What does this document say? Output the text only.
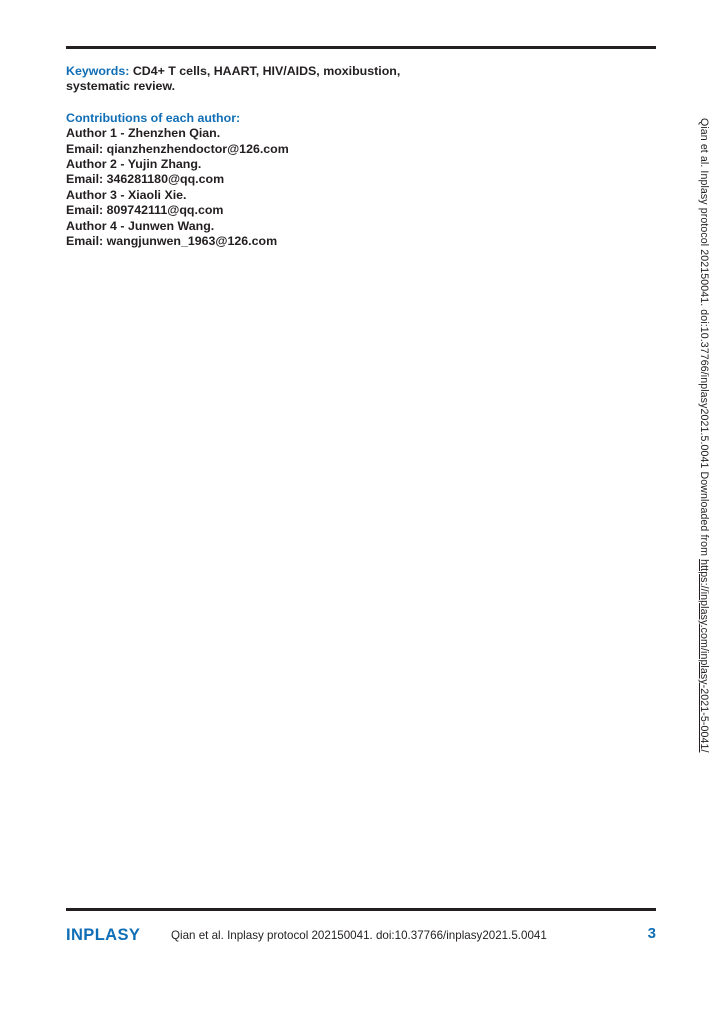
Keywords: CD4+ T cells, HAART, HIV/AIDS, moxibustion, systematic review.
Contributions of each author:
Author 1 - Zhenzhen Qian.
Email: qianzhenzhendoctor@126.com
Author 2 - Yujin Zhang.
Email: 346281180@qq.com
Author 3 - Xiaoli Xie.
Email: 809742111@qq.com
Author 4 - Junwen Wang.
Email: wangjunwen_1963@126.com	Qian et al. Inplasy protocol 202150041. doi:10.37766/inplasy2021.5.0041 Downloaded from https://inplasy.com/inplasy-2021-5-0041/
INPLASY	Qian et al. Inplasy protocol 202150041. doi:10.37766/inplasy2021.5.0041	3
